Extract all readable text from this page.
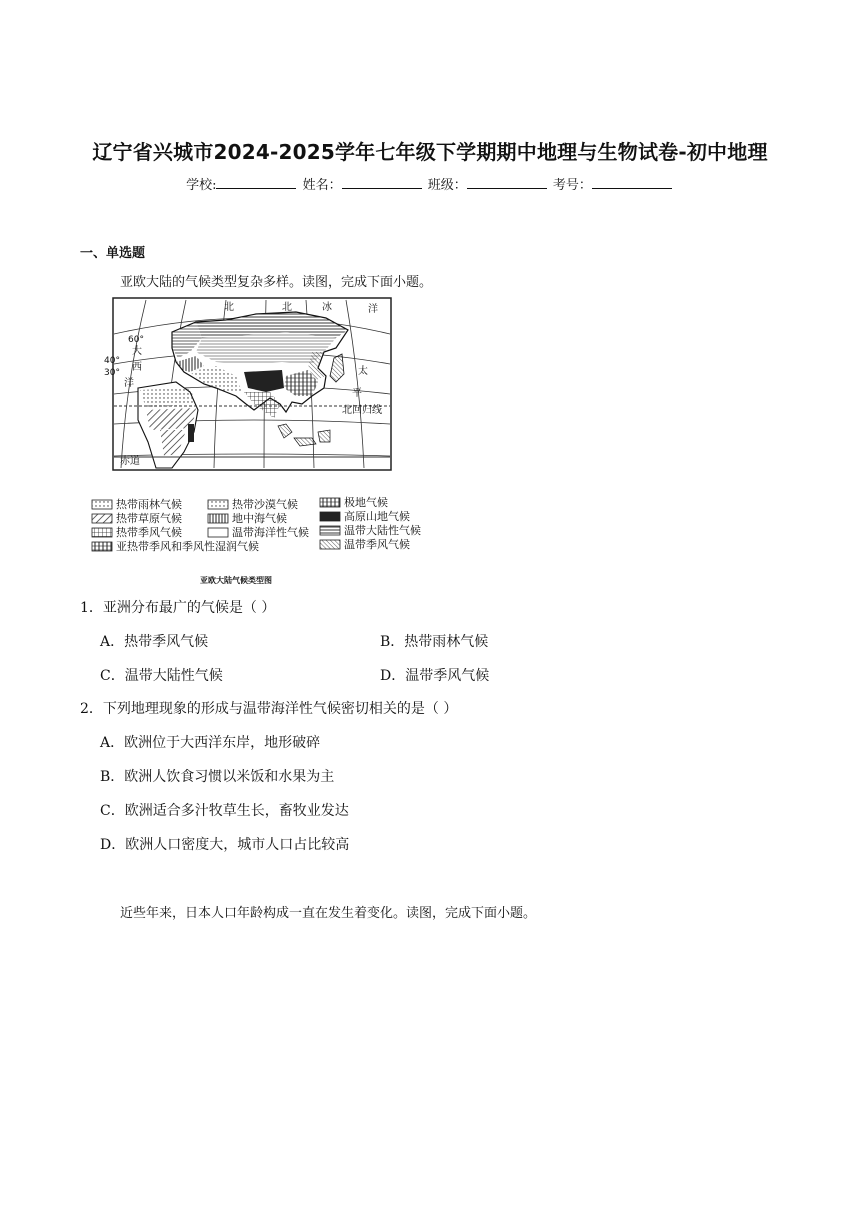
辽宁省兴城市2024-2025学年七年级下学期期中地理与生物试卷-初中地理
学校:	姓名：	班级：	考号：
一、单选题
亚欧大陆的气候类型复杂多样。读图，完成下面小题。
60°
40°
30°
北	冰	洋
北
大
西
洋
太
平
北回归线
赤道
热带雨林气候	热带沙漠气候	极地气候
热带草原气候	地中海气候	高原山地气候
热带季风气候	温带海洋性气候	温带大陆性气候
亚热带季风和季风性湿润气候	温带季风气候
亚欧大陆气候类型图
1．亚洲分布最广的气候是（ ）
A．热带季风气候	B．热带雨林气候
C．温带大陆性气候	D．温带季风气候
2．下列地理现象的形成与温带海洋性气候密切相关的是（ ）
A．欧洲位于大西洋东岸，地形破碎
B．欧洲人饮食习惯以米饭和水果为主
C．欧洲适合多汁牧草生长，畜牧业发达
D．欧洲人口密度大，城市人口占比较高
近些年来，日本人口年龄构成一直在发生着变化。读图，完成下面小题。
